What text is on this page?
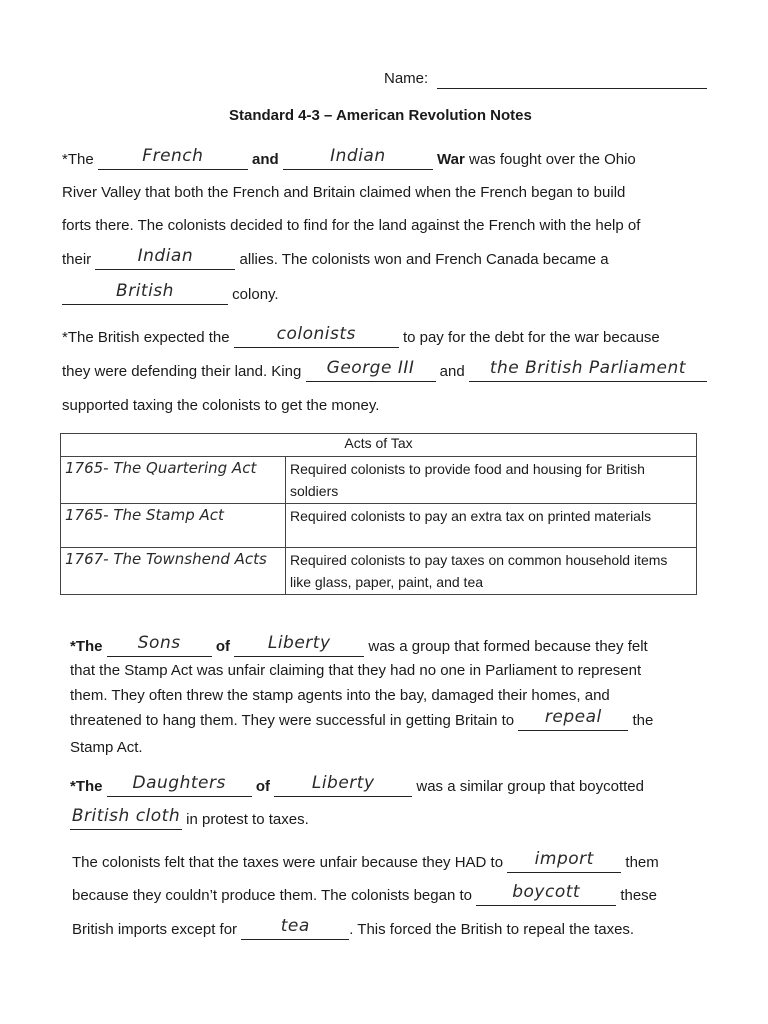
Name:
Standard 4-3 – American Revolution Notes
*The	French	and	Indian	War was fought over the Ohio
River Valley that both the French and Britain claimed when the French began to build
forts there. The colonists decided to find for the land against the French with the help of
their	Indian	allies. The colonists won and French Canada became a
British	colony.
*The British expected the	colonists	to pay for the debt for the war because
they were defending their land. King George III and the British Parliament
supported taxing the colonists to get the money.
Acts of Tax	
1765- The Quartering Act	Required colonists to provide food and housing for British soldiers
1765- The Stamp Act	Required colonists to pay an extra tax on printed materials
1767- The Townshend Acts	Required colonists to pay taxes on common household items like glass, paper, paint, and tea
*The Sons of Liberty	was a group that formed because they felt
that the Stamp Act was unfair claiming that they had no one in Parliament to represent
them. They often threw the stamp agents into the bay, damaged their homes, and
threatened to hang them. They were successful in getting Britain to repeal the
Stamp Act.
*The Daughters of Liberty	was a similar group that boycotted
British cloth in protest to taxes.
The colonists felt that the taxes were unfair because they HAD to import them
because they couldn’t produce them. The colonists began to boycott	these
British imports except for	tea	. This forced the British to repeal the taxes.
